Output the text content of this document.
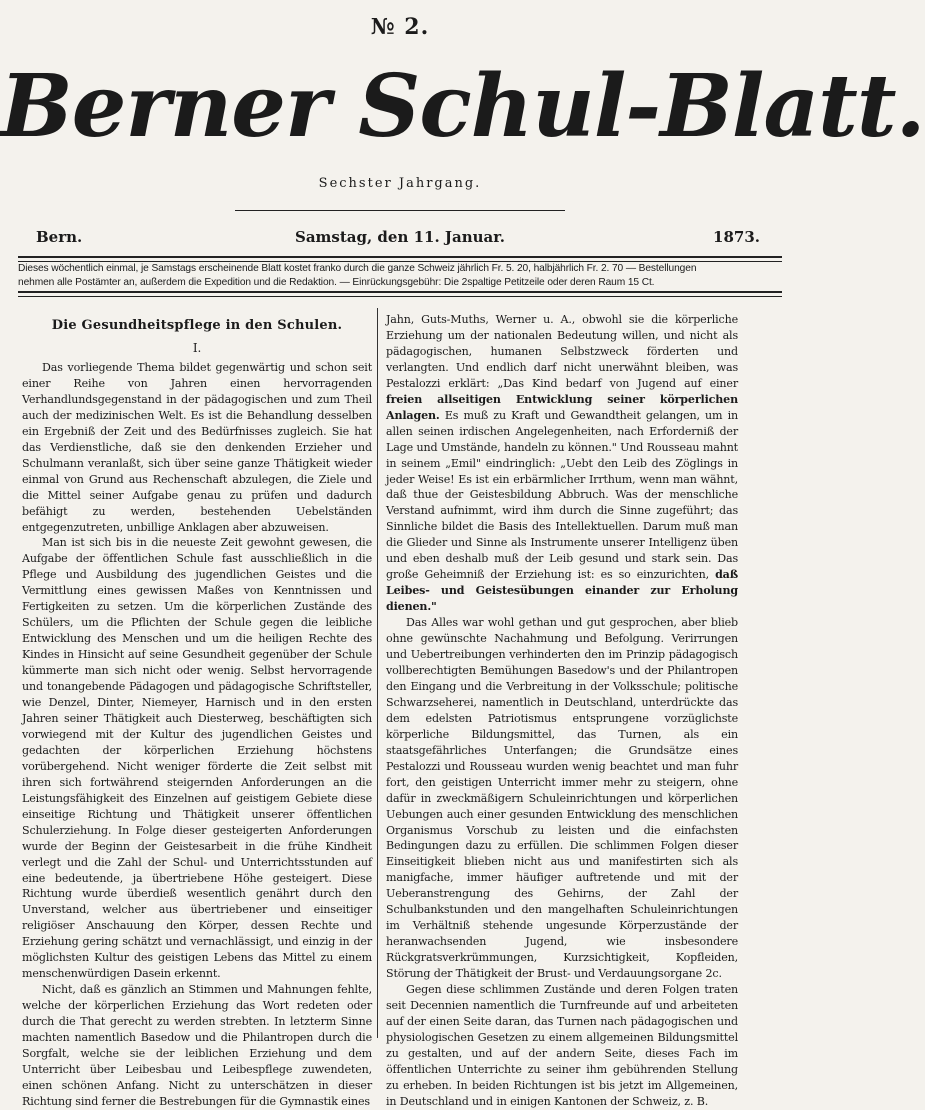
№ 2.
Berner Schul-Blatt.
Sechster Jahrgang.
Bern.	Samstag, den 11. Januar.	1873.

Dieses wöchentlich einmal, je Samstags erscheinende Blatt kostet franko durch die ganze Schweiz jährlich Fr. 5. 20, halbjährlich Fr. 2. 70 — Bestellungen

nehmen alle Postämter an, außerdem die Expedition und die Redaktion. — Einrückungsgebühr: Die 2spaltige Petitzeile oder deren Raum 15 Ct.

Die Gesundheitspflege in den Schulen.

I.

Das vorliegende Thema bildet gegenwärtig und schon seit einer Reihe von Jahren einen hervorragenden Verhandlundsgegenstand in der pädagogischen und zum Theil auch der medizinischen Welt. Es ist die Behandlung desselben ein Ergebniß der Zeit und des Bedürfnisses zugleich. Sie hat das Verdienstliche, daß sie den denkenden Erzieher und Schulmann veranlaßt, sich über seine ganze Thätigkeit wieder einmal von Grund aus Rechenschaft abzulegen, die Ziele und die Mittel seiner Aufgabe genau zu prüfen und dadurch befähigt zu werden, bestehenden Uebelständen entgegenzutreten, unbillige Anklagen aber abzuweisen.

Man ist sich bis in die neueste Zeit gewohnt gewesen, die Aufgabe der öffentlichen Schule fast ausschließlich in die Pflege und Ausbildung des jugendlichen Geistes und die Vermittlung eines gewissen Maßes von Kenntnissen und Fertigkeiten zu setzen. Um die körperlichen Zustände des Schülers, um die Pflichten der Schule gegen die leibliche Entwicklung des Menschen und um die heiligen Rechte des Kindes in Hinsicht auf seine Gesundheit gegenüber der Schule kümmerte man sich nicht oder wenig. Selbst hervorragende und tonangebende Pädagogen und pädagogische Schriftsteller, wie Denzel, Dinter, Niemeyer, Harnisch und in den ersten Jahren seiner Thätigkeit auch Diesterweg, beschäftigten sich vorwiegend mit der Kultur des jugendlichen Geistes und gedachten der körperlichen Erziehung höchstens vorübergehend. Nicht weniger förderte die Zeit selbst mit ihren sich fortwährend steigernden Anforderungen an die Leistungsfähigkeit des Einzelnen auf geistigem Gebiete diese einseitige Richtung und Thätigkeit unserer öffentlichen Schulerziehung. In Folge dieser gesteigerten Anforderungen wurde der Beginn der Geistesarbeit in die frühe Kindheit verlegt und die Zahl der Schul- und Unterrichtsstunden auf eine bedeutende, ja übertriebene Höhe gesteigert. Diese Richtung wurde überdieß wesentlich genährt durch den Unverstand, welcher aus übertriebener und einseitiger religiöser Anschauung den Körper, dessen Rechte und Erziehung gering schätzt und vernachlässigt, und einzig in der möglichsten Kultur des geistigen Lebens das Mittel zu einem menschenwürdigen Dasein erkennt.

Nicht, daß es gänzlich an Stimmen und Mahnungen fehlte, welche der körperlichen Erziehung das Wort redeten oder durch die That gerecht zu werden strebten. In letzterm Sinne machten namentlich Basedow und die Philantropen durch die Sorgfalt, welche sie der leiblichen Erziehung und dem Unterricht über Leibesbau und Leibespflege zuwendeten, einen schönen Anfang. Nicht zu unterschätzen in dieser Richtung sind ferner die Bestrebungen für die Gymnastik eines

Jahn, Guts-Muths, Werner u. A., obwohl sie die körperliche Erziehung um der nationalen Bedeutung willen, und nicht als pädagogischen, humanen Selbstzweck förderten und verlangten. Und endlich darf nicht unerwähnt bleiben, was Pestalozzi erklärt: „Das Kind bedarf von Jugend auf einer freien allseitigen Entwicklung seiner körperlichen Anlagen. Es muß zu Kraft und Gewandtheit gelangen, um in allen seinen irdischen Angelegenheiten, nach Erforderniß der Lage und Umstände, handeln zu können." Und Rousseau mahnt in seinem „Emil" eindringlich: „Uebt den Leib des Zöglings in jeder Weise! Es ist ein erbärmlicher Irrthum, wenn man wähnt, daß thue der Geistesbildung Abbruch. Was der menschliche Verstand aufnimmt, wird ihm durch die Sinne zugeführt; das Sinnliche bildet die Basis des Intellektuellen. Darum muß man die Glieder und Sinne als Instrumente unserer Intelligenz üben und eben deshalb muß der Leib gesund und stark sein. Das große Geheimniß der Erziehung ist: es so einzurichten, daß Leibes- und Geistesübungen einander zur Erholung dienen."

Das Alles war wohl gethan und gut gesprochen, aber blieb ohne gewünschte Nachahmung und Befolgung. Verirrungen und Uebertreibungen verhinderten den im Prinzip pädagogisch vollberechtigten Bemühungen Basedow's und der Philantropen den Eingang und die Verbreitung in der Volksschule; politische Schwarzseherei, namentlich in Deutschland, unterdrückte das dem edelsten Patriotismus entsprungene vorzüglichste körperliche Bildungsmittel, das Turnen, als ein staatsgefährliches Unterfangen; die Grundsätze eines Pestalozzi und Rousseau wurden wenig beachtet und man fuhr fort, den geistigen Unterricht immer mehr zu steigern, ohne dafür in zweckmäßigern Schuleinrichtungen und körperlichen Uebungen auch einer gesunden Entwicklung des menschlichen Organismus Vorschub zu leisten und die einfachsten Bedingungen dazu zu erfüllen. Die schlimmen Folgen dieser Einseitigkeit blieben nicht aus und manifestirten sich als manigfache, immer häufiger auftretende und mit der Ueberanstrengung des Gehirns, der Zahl der Schulbankstunden und den mangelhaften Schuleinrichtungen im Verhältniß stehende ungesunde Körperzustände der heranwachsenden Jugend, wie insbesondere Rückgratsverkrümmungen, Kurzsichtigkeit, Kopfleiden, Störung der Thätigkeit der Brust- und Verdauungsorgane 2c.

Gegen diese schlimmen Zustände und deren Folgen traten seit Decennien namentlich die Turnfreunde auf und arbeiteten auf der einen Seite daran, das Turnen nach pädagogischen und physiologischen Gesetzen zu einem allgemeinen Bildungsmittel zu gestalten, und auf der andern Seite, dieses Fach im öffentlichen Unterrichte zu seiner ihm gebührenden Stellung zu erheben. In beiden Richtungen ist bis jetzt im Allgemeinen, in Deutschland und in einigen Kantonen der Schweiz, z. B.
